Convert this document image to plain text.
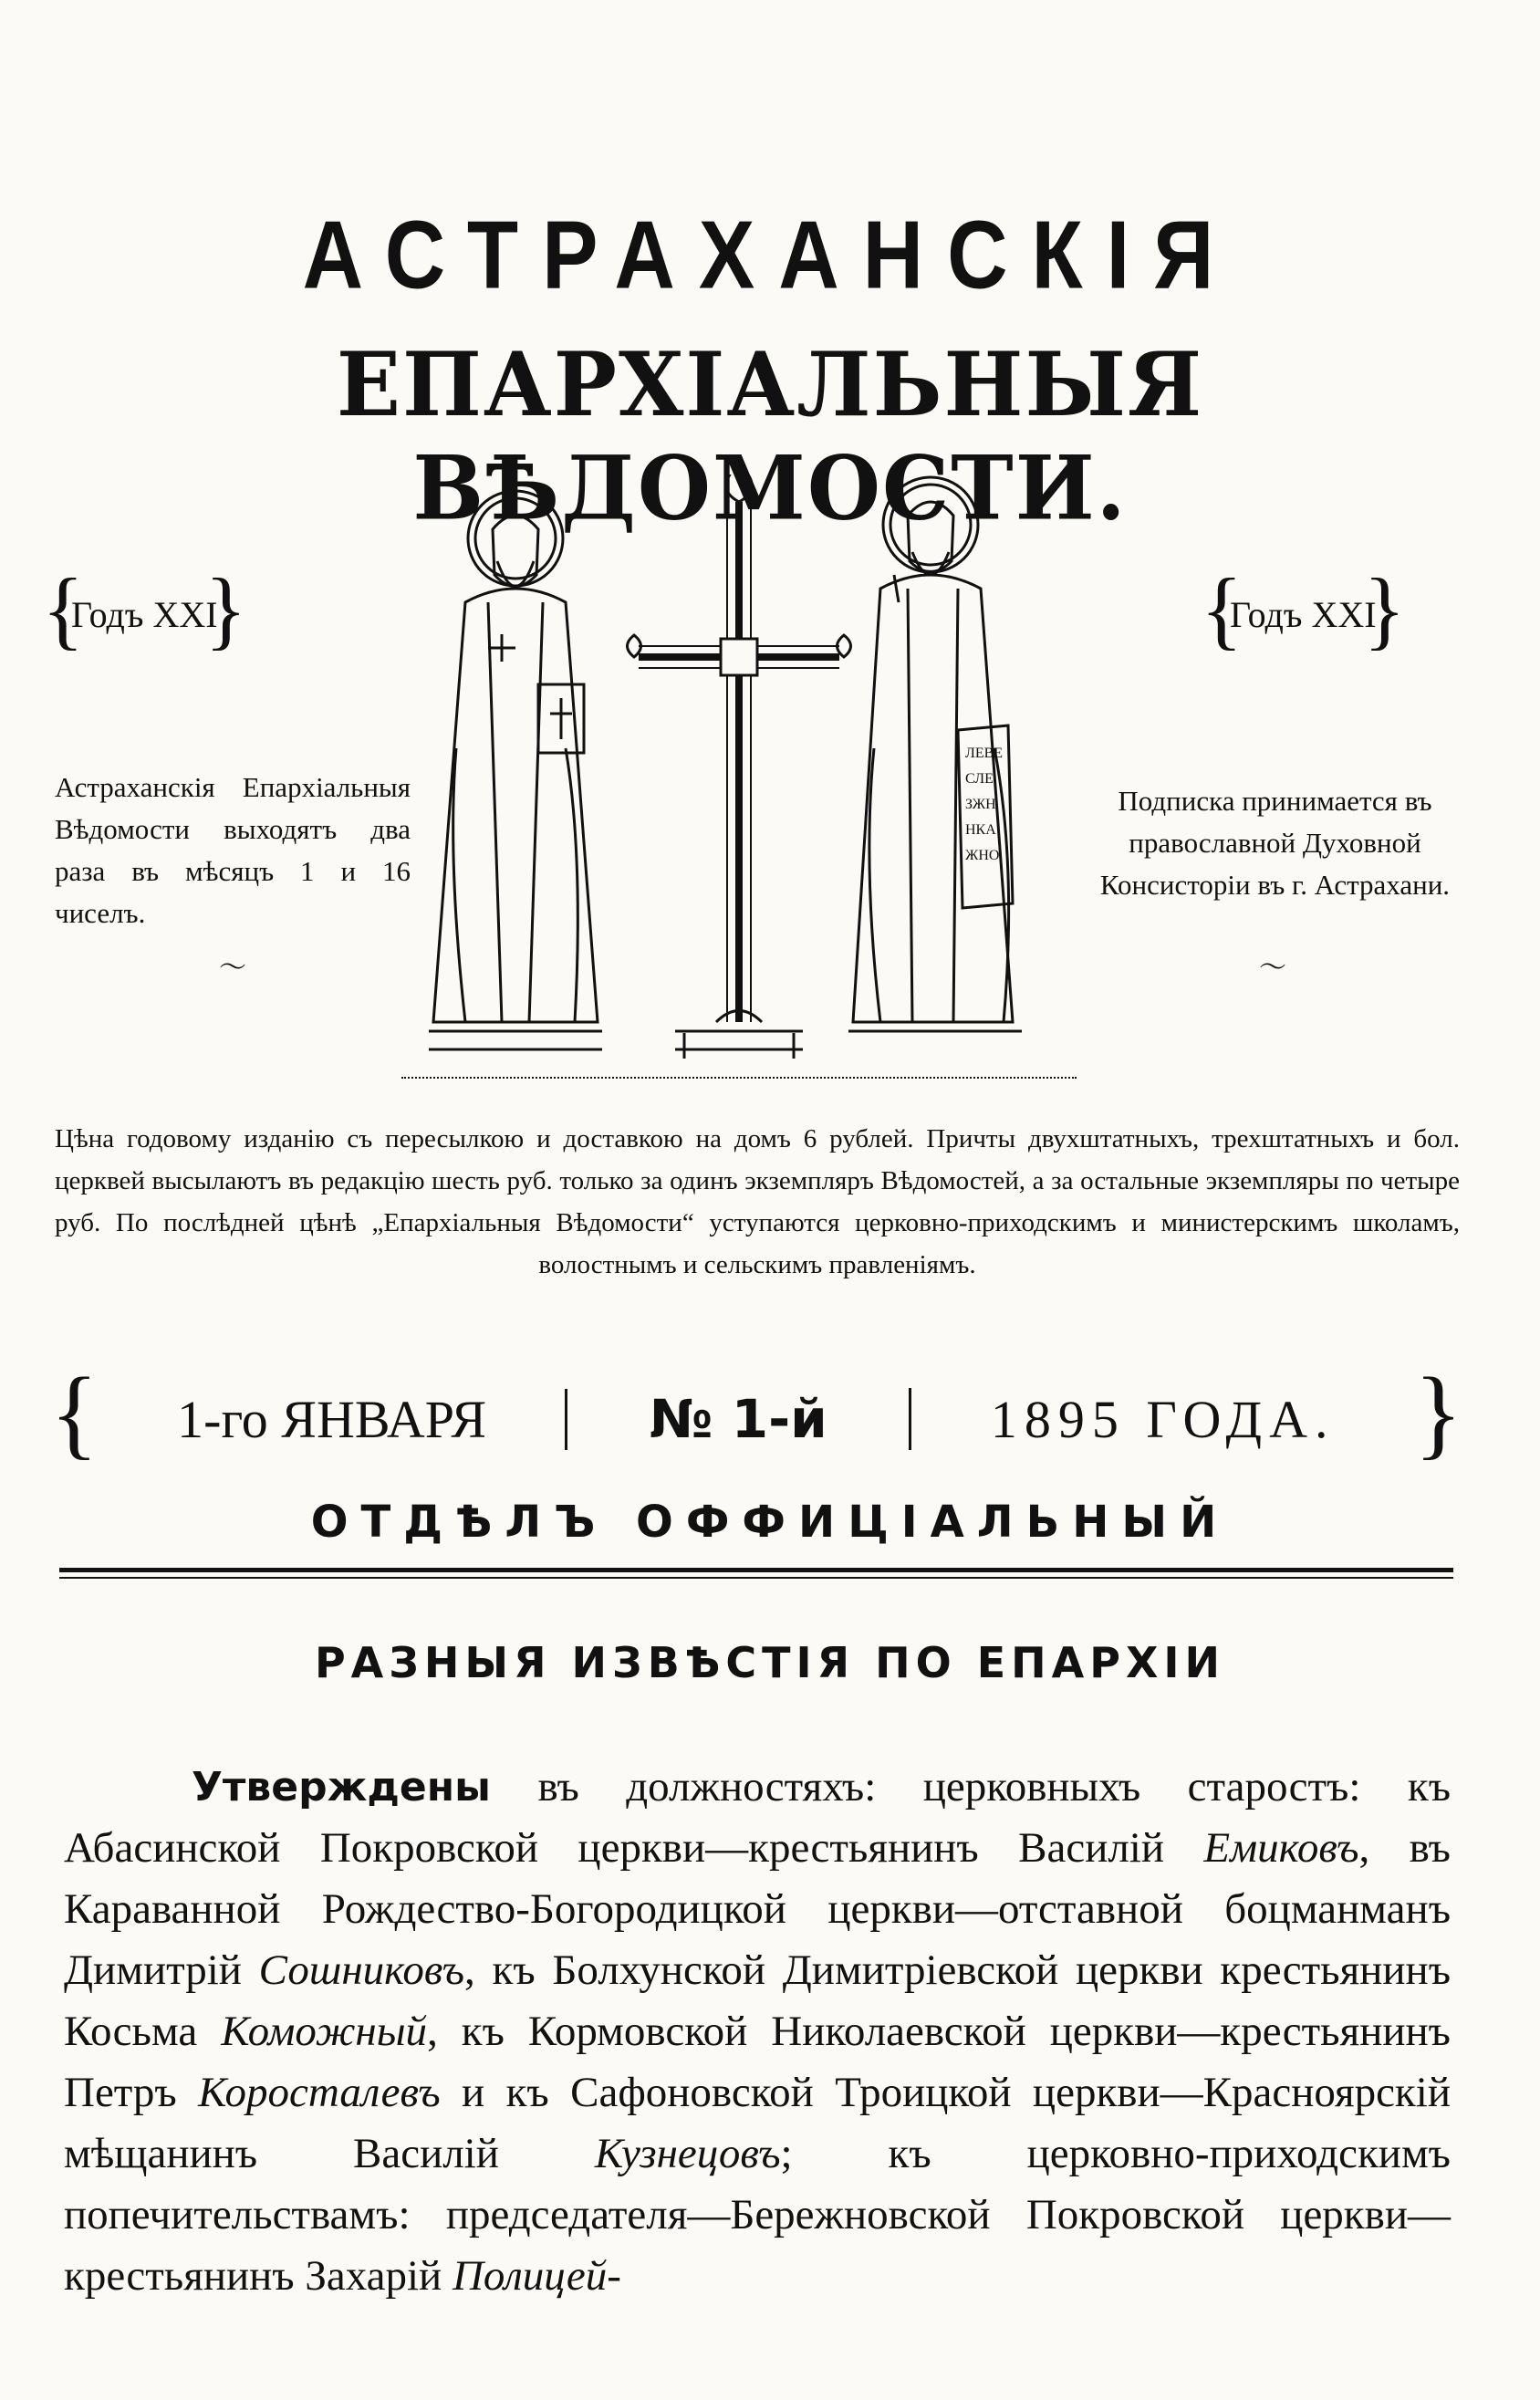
АСТРАХАНСКІЯ
ЕПАРХІАЛЬНЫЯ ВѢДОМОСТИ.
{
Годъ XXI
}	{
Годъ XXI
}
Астраханскія Епархіальныя Вѣдомости выходятъ два раза въ мѣсяцъ 1 и 16 чиселъ.
〜
Подписка принимается въ православной Духовной Консисторіи въ г. Астрахани.
〜
ЛЕВЕ
СЛЕ
ЗЖН
НКА
ЖНО
Цѣна годовому изданію съ пересылкою и доставкою на домъ 6 рублей. Причты двухштатныхъ, трехштатныхъ и бол. церквей высылаютъ въ редакцію шесть руб. только за одинъ экземпляръ Вѣдомостей, а за остальные экземпляры по четыре руб. По послѣдней цѣнѣ „Епархіальныя Вѣдомости“ уступаются церковно-приходскимъ и министерскимъ школамъ, волостнымъ и сельскимъ правленіямъ.
{	1-го ЯНВАРЯ	№ 1-й	1895 ГОДА. }
ОТДѢЛЪ ОФФИЦІАЛЬНЫЙ
РАЗНЫЯ ИЗВѢСТІЯ ПО ЕПАРХІИ
Утверждены въ должностяхъ: церковныхъ старостъ: къ Абасинской Покровской церкви—крестьянинъ Василій Емиковъ, въ Караванной Рождество-Богородицкой церкви—отставной боцманманъ Димитрій Сошниковъ, къ Болхунской Димитріевской церкви крестьянинъ Косьма Коможный, къ Кормовской Николаевской церкви—крестьянинъ Петръ Коросталевъ и къ Сафоновской Троицкой церкви—Красноярскій мѣщанинъ Василій Кузнецовъ; къ церковно-приходскимъ попечительствамъ: председателя—Бережновской Покровской церкви—крестьянинъ Захарій Полицей-
